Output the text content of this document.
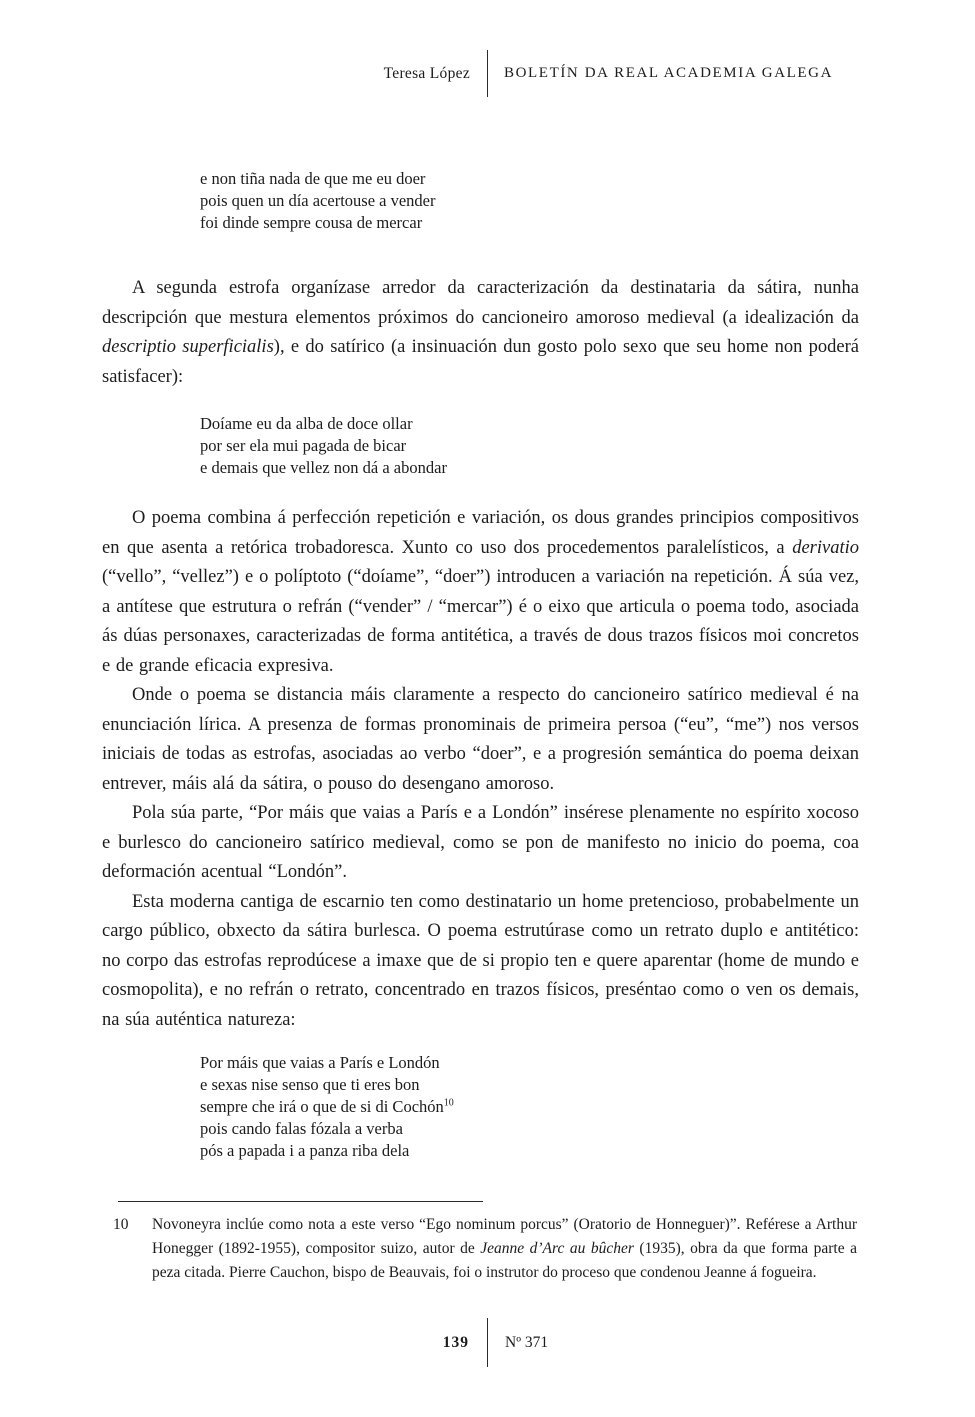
Teresa López	BOLETÍN DA REAL ACADEMIA GALEGA
e non tiña nada de que me eu doer
pois quen un día acertouse a vender
foi dinde sempre cousa de mercar

A segunda estrofa organízase arredor da caracterización da destinataria da sátira, nunha descripción que mestura elementos próximos do cancioneiro amoroso medieval (a idealización da descriptio superficialis), e do satírico (a insinuación dun gosto polo sexo que seu home non poderá satisfacer):

Doíame eu da alba de doce ollar
por ser ela mui pagada de bicar
e demais que vellez non dá a abondar

O poema combina á perfección repetición e variación, os dous grandes principios compositivos en que asenta a retórica trobadoresca. Xunto co uso dos procedementos paralelísticos, a derivatio (“vello”, “vellez”) e o políptoto (“doíame”, “doer”) introducen a variación na repetición. Á súa vez, a antítese que estrutura o refrán (“vender” / “mercar”) é o eixo que articula o poema todo, asociada ás dúas personaxes, caracterizadas de forma antitética, a través de dous trazos físicos moi concretos e de grande eficacia expresiva.

Onde o poema se distancia máis claramente a respecto do cancioneiro satírico medieval é na enunciación lírica. A presenza de formas pronominais de primeira persoa (“eu”, “me”) nos versos iniciais de todas as estrofas, asociadas ao verbo “doer”, e a progresión semántica do poema deixan entrever, máis alá da sátira, o pouso do desengano amoroso.

Pola súa parte, “Por máis que vaias a París e a Londón” insérese plenamente no espírito xocoso e burlesco do cancioneiro satírico medieval, como se pon de manifesto no inicio do poema, coa deformación acentual “Londón”.

Esta moderna cantiga de escarnio ten como destinatario un home pretencioso, probabelmente un cargo público, obxecto da sátira burlesca. O poema estrutúrase como un retrato duplo e antitético: no corpo das estrofas reprodúcese a imaxe que de si propio ten e quere aparentar (home de mundo e cosmopolita), e no refrán o retrato, concentrado en trazos físicos, preséntao como o ven os demais, na súa auténtica natureza:

Por máis que vaias a París e Londón
e sexas nise senso que ti eres bon
sempre che irá o que de si di Cochón$^{10}$
pois cando falas fózala a verba
pós a papada i a panza riba dela
10	Novoneyra inclúe como nota a este verso “Ego nominum porcus” (Oratorio de Honneguer)”. Reférese a Arthur Honegger (1892-1955), compositor suizo, autor de Jeanne d’Arc au bûcher (1935), obra da que forma parte a peza citada. Pierre Cauchon, bispo de Beauvais, foi o instrutor do proceso que condenou Jeanne á fogueira.
139	Nº 371
